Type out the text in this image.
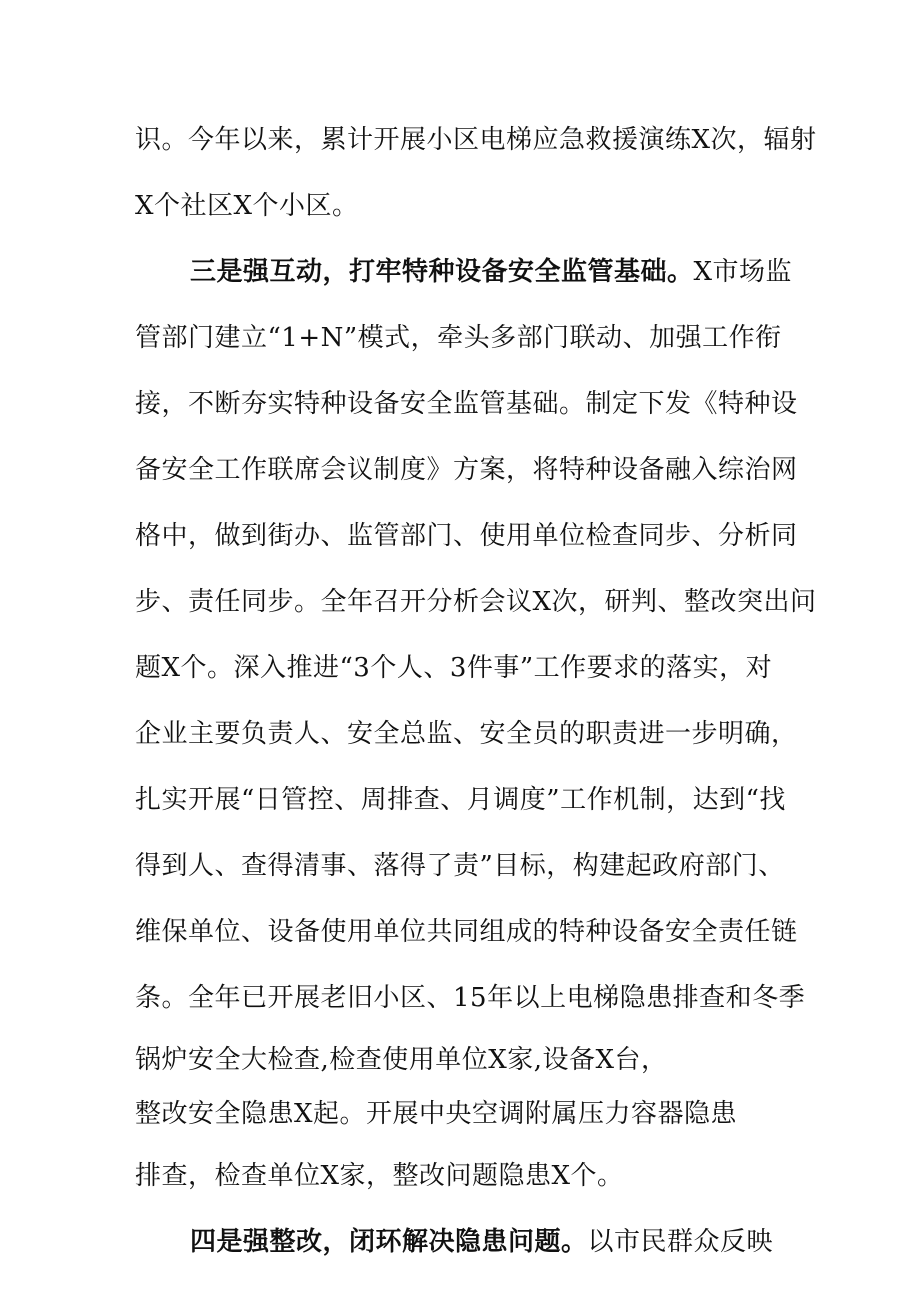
识。今年以来，累计开展小区电梯应急救援演练X次，辐射
X个社区X个小区。
三是强互动，打牢特种设备安全监管基础。X市场监
管部门建立“1+N”模式，牵头多部门联动、加强工作衔
接，不断夯实特种设备安全监管基础。制定下发《特种设
备安全工作联席会议制度》方案，将特种设备融入综治网
格中，做到街办、监管部门、使用单位检查同步、分析同
步、责任同步。全年召开分析会议X次，研判、整改突出问
题X个。深入推进“3个人、3件事”工作要求的落实，对
企业主要负责人、安全总监、安全员的职责进一步明确，
扎实开展“日管控、周排查、月调度”工作机制，达到“找
得到人、查得清事、落得了责”目标，构建起政府部门、
维保单位、设备使用单位共同组成的特种设备安全责任链
条。全年已开展老旧小区、15年以上电梯隐患排查和冬季
锅炉安全大检查,检查使用单位X家,设备X台，
整改安全隐患X起。开展中央空调附属压力容器隐患
排查，检查单位X家，整改问题隐患X个。
四是强整改，闭环解决隐患问题。以市民群众反映
